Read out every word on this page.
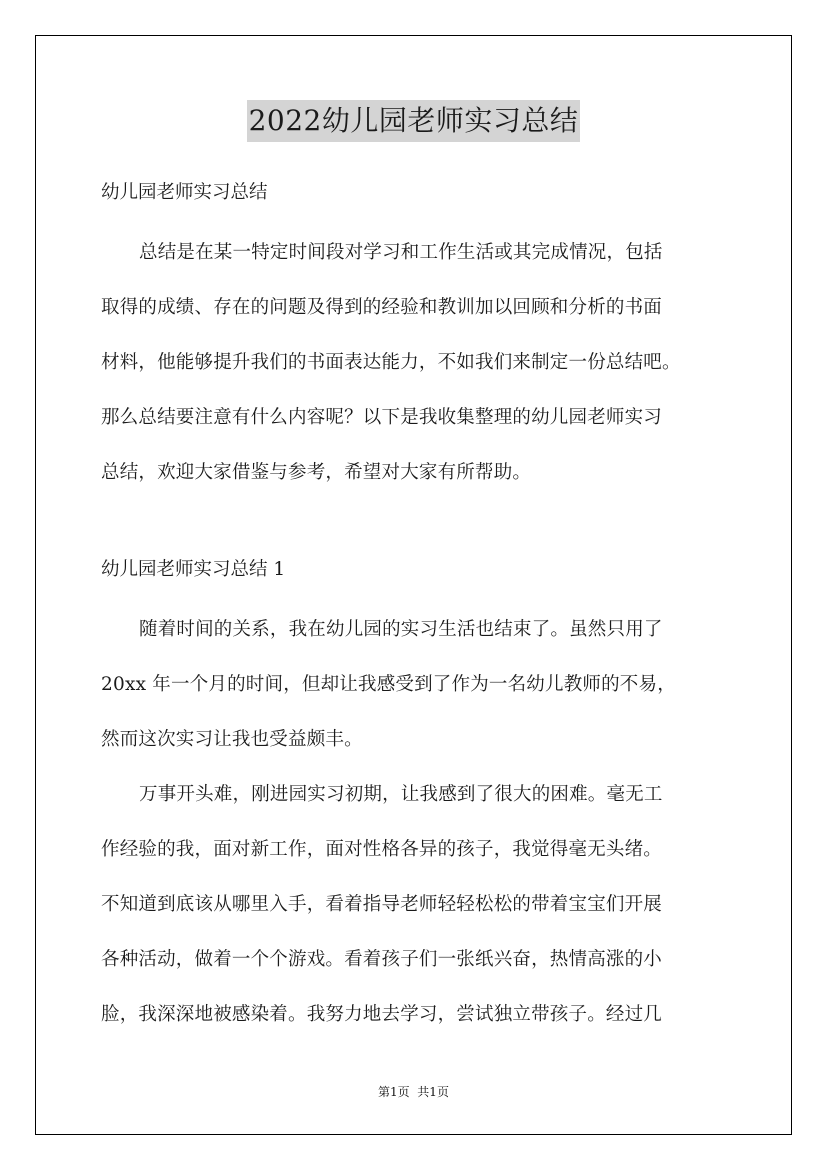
2022幼儿园老师实习总结

幼儿园老师实习总结

总结是在某一特定时间段对学习和工作生活或其完成情况，包括
取得的成绩、存在的问题及得到的经验和教训加以回顾和分析的书面
材料，他能够提升我们的书面表达能力，不如我们来制定一份总结吧。
那么总结要注意有什么内容呢？以下是我收集整理的幼儿园老师实习
总结，欢迎大家借鉴与参考，希望对大家有所帮助。

幼儿园老师实习总结 1

随着时间的关系，我在幼儿园的实习生活也结束了。虽然只用了
20xx 年一个月的时间，但却让我感受到了作为一名幼儿教师的不易，
然而这次实习让我也受益颇丰。

万事开头难，刚进园实习初期，让我感到了很大的困难。毫无工
作经验的我，面对新工作，面对性格各异的孩子，我觉得毫无头绪。
不知道到底该从哪里入手，看着指导老师轻轻松松的带着宝宝们开展
各种活动，做着一个个游戏。看着孩子们一张纸兴奋，热情高涨的小
脸，我深深地被感染着。我努力地去学习，尝试独立带孩子。经过几

第1页  共1页
